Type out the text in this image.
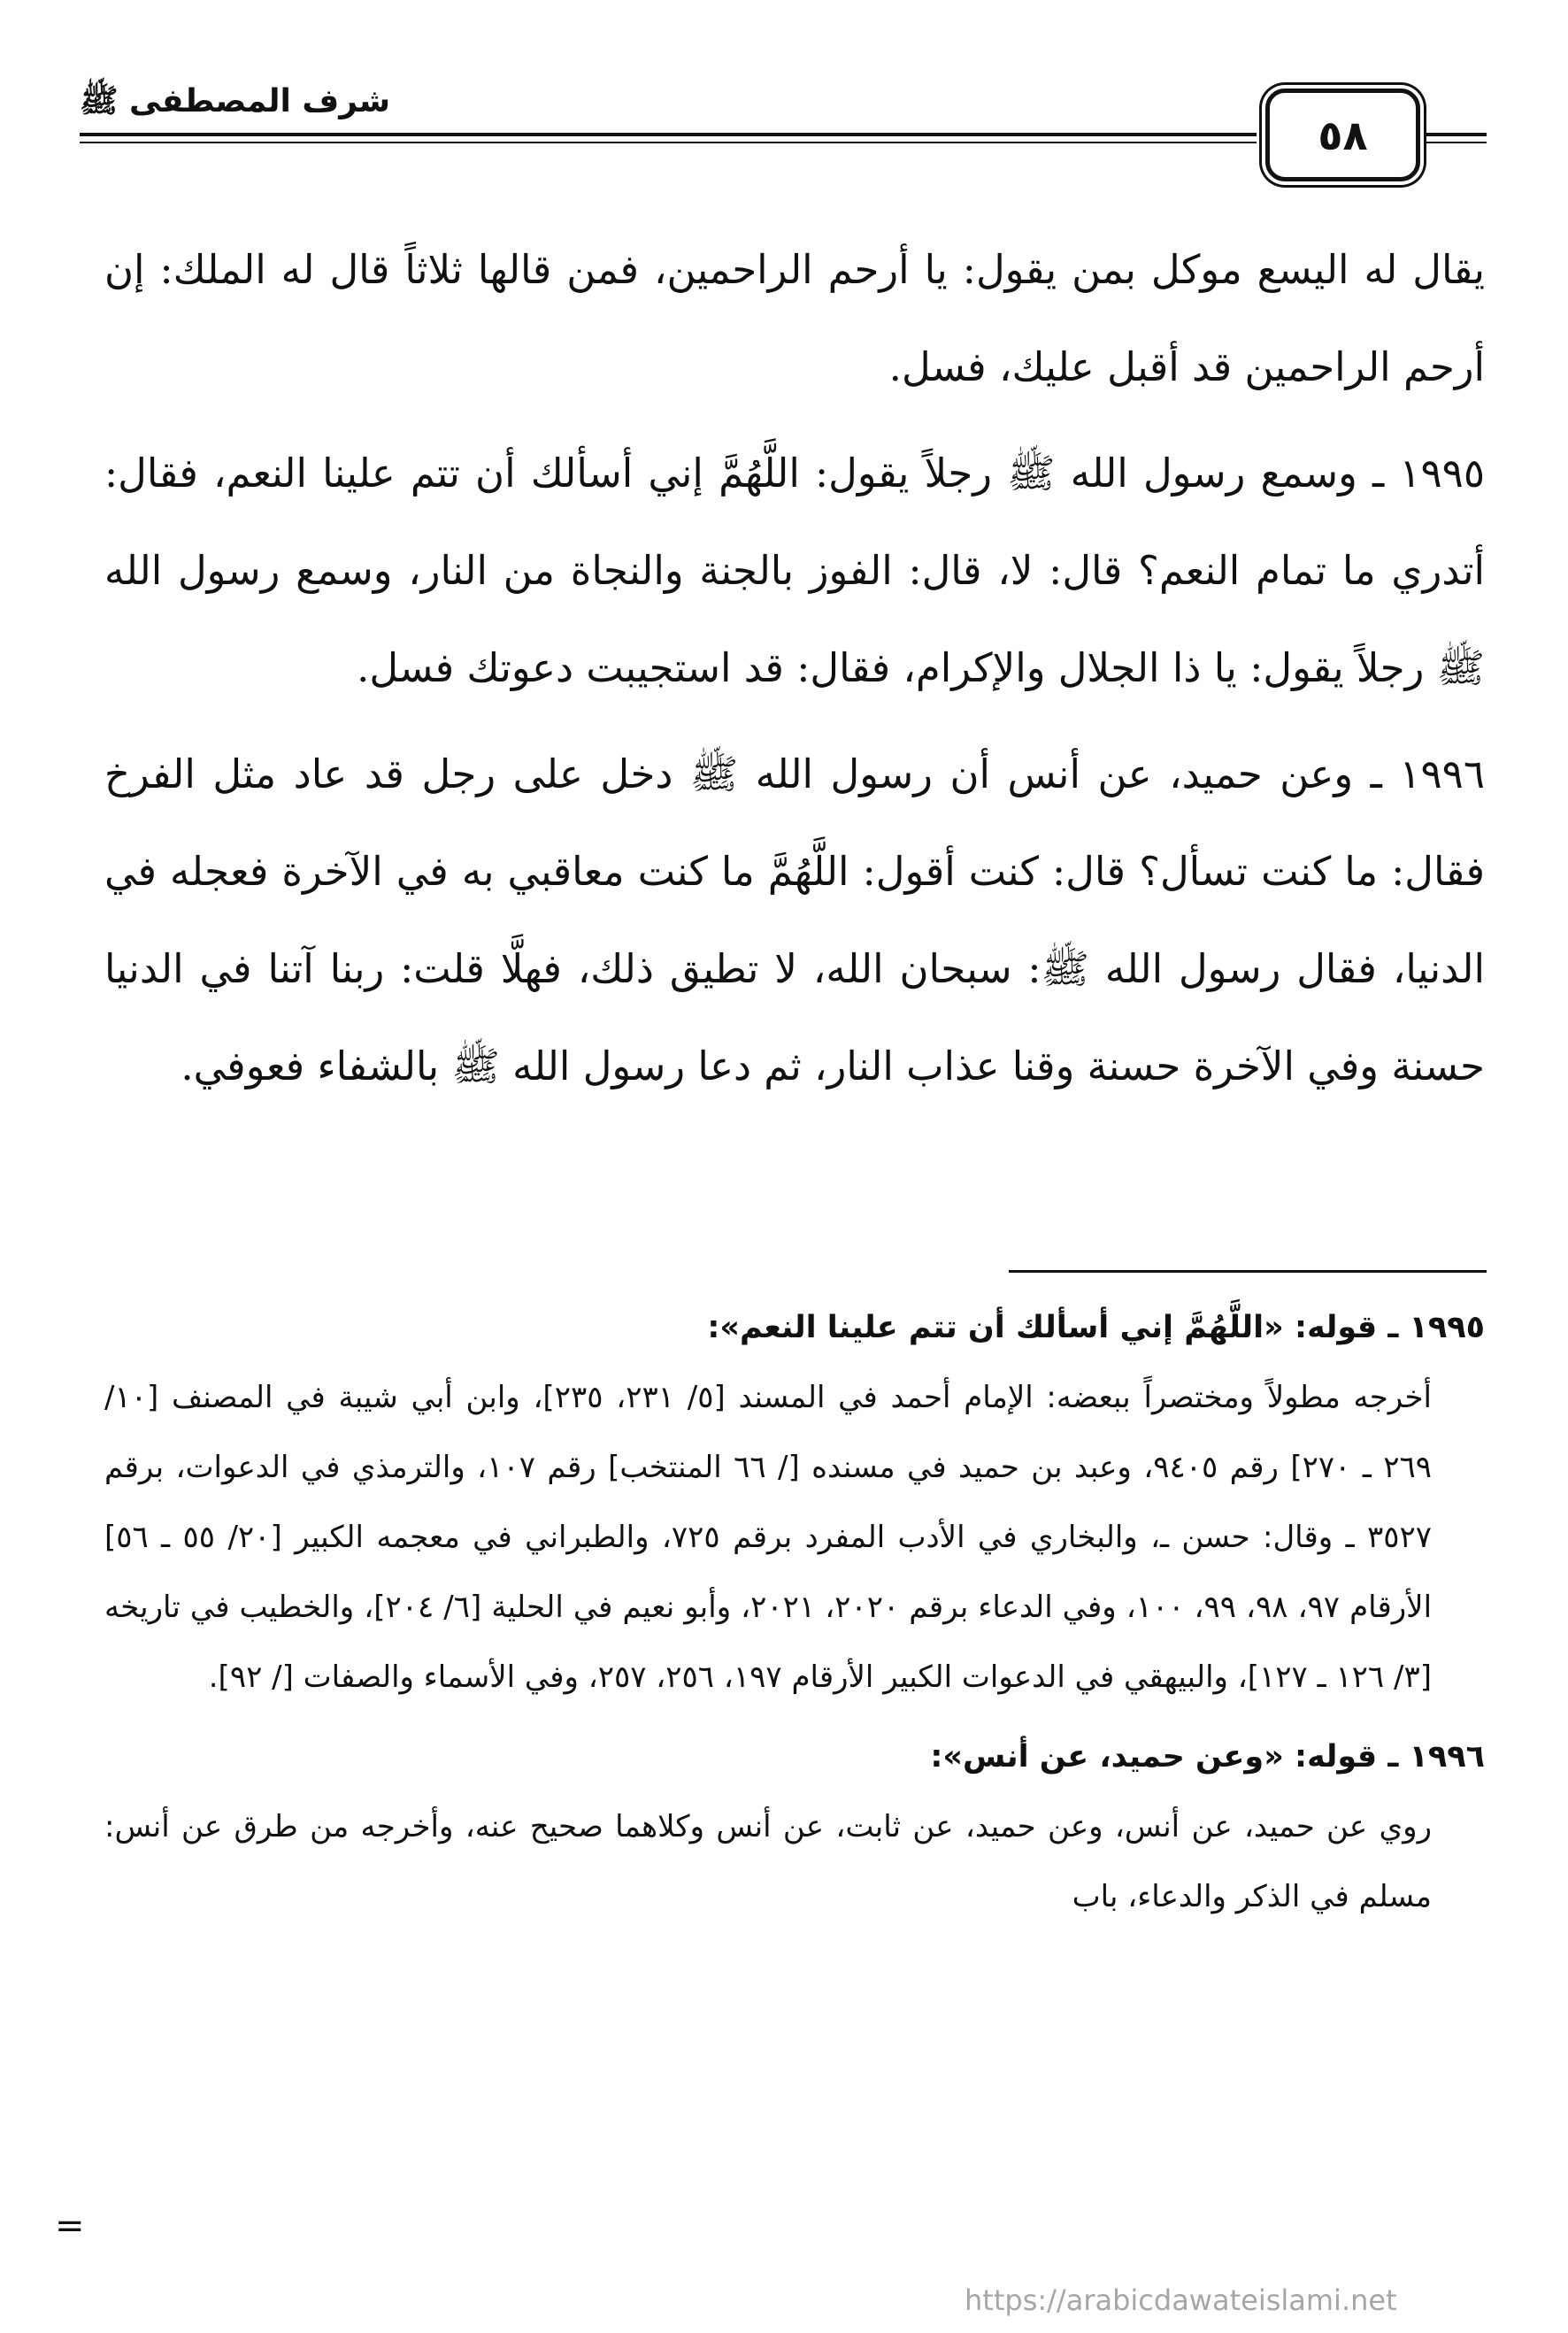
شرف المصطفى ﷺ
٥٨

يقال له اليسع موكل بمن يقول: يا أرحم الراحمين، فمن قالها ثلاثاً قال له الملك: إن أرحم الراحمين قد أقبل عليك، فسل.

١٩٩٥ ـ وسمع رسول الله ﷺ رجلاً يقول: اللَّهُمَّ إني أسألك أن تتم علينا النعم، فقال: أتدري ما تمام النعم؟ قال: لا، قال: الفوز بالجنة والنجاة من النار، وسمع رسول الله ﷺ رجلاً يقول: يا ذا الجلال والإكرام، فقال: قد استجيبت دعوتك فسل.

١٩٩٦ ـ وعن حميد، عن أنس أن رسول الله ﷺ دخل على رجل قد عاد مثل الفرخ فقال: ما كنت تسأل؟ قال: كنت أقول: اللَّهُمَّ ما كنت معاقبي به في الآخرة فعجله في الدنيا، فقال رسول الله ﷺ: سبحان الله، لا تطيق ذلك، فهلَّا قلت: ربنا آتنا في الدنيا حسنة وفي الآخرة حسنة وقنا عذاب النار، ثم دعا رسول الله ﷺ بالشفاء فعوفي.

١٩٩٥ ـ قوله: «اللَّهُمَّ إني أسألك أن تتم علينا النعم»:

أخرجه مطولاً ومختصراً ببعضه: الإمام أحمد في المسند [٥/ ٢٣١، ٢٣٥]، وابن أبي شيبة في المصنف [١٠/ ٢٦٩ ـ ٢٧٠] رقم ٩٤٠٥، وعبد بن حميد في مسنده [/ ٦٦ المنتخب] رقم ١٠٧، والترمذي في الدعوات، برقم ٣٥٢٧ ـ وقال: حسن ـ، والبخاري في الأدب المفرد برقم ٧٢٥، والطبراني في معجمه الكبير [٢٠/ ٥٥ ـ ٥٦] الأرقام ٩٧، ٩٨، ٩٩، ١٠٠، وفي الدعاء برقم ٢٠٢٠، ٢٠٢١، وأبو نعيم في الحلية [٦/ ٢٠٤]، والخطيب في تاريخه [٣/ ١٢٦ ـ ١٢٧]، والبيهقي في الدعوات الكبير الأرقام ١٩٧، ٢٥٦، ٢٥٧، وفي الأسماء والصفات [/ ٩٢].

١٩٩٦ ـ قوله: «وعن حميد، عن أنس»:

روي عن حميد، عن أنس، وعن حميد، عن ثابت، عن أنس وكلاهما صحيح عنه، وأخرجه من طرق عن أنس: مسلم في الذكر والدعاء، باب

=
https://arabicdawateislami.net
